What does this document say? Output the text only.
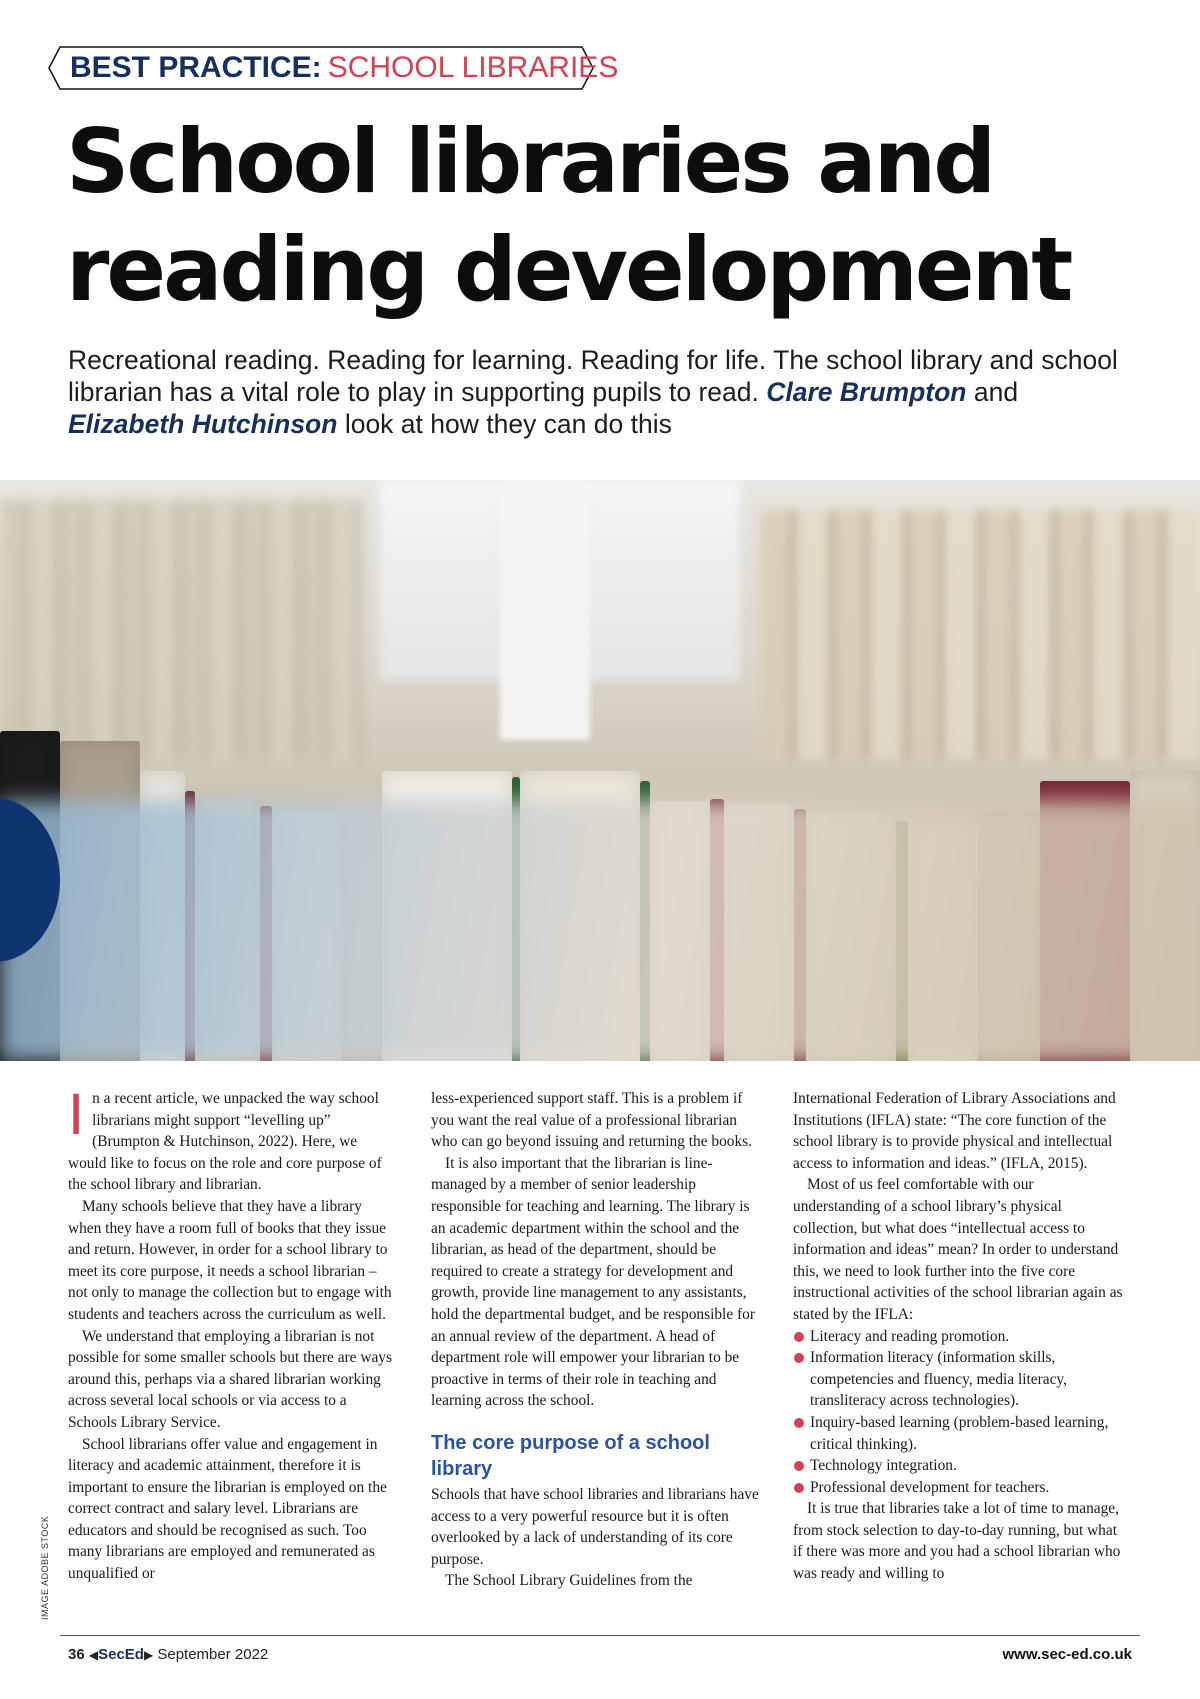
BEST PRACTICE: SCHOOL LIBRARIES
School libraries and
reading development

Recreational reading. Reading for learning. Reading for life. The school library and school librarian has a vital role to play in supporting pupils to read. Clare Brumpton and Elizabeth Hutchinson look at how they can do this

IMAGE ADOBE STOCK

In a recent article, we unpacked the way school librarians might support “levelling up” (Brumpton & Hutchinson, 2022). Here, we would like to focus on the role and core purpose of the school library and librarian.

Many schools believe that they have a library when they have a room full of books that they issue and return. However, in order for a school library to meet its core purpose, it needs a school librarian – not only to manage the collection but to engage with students and teachers across the curriculum as well.

We understand that employing a librarian is not possible for some smaller schools but there are ways around this, perhaps via a shared librarian working across several local schools or via access to a Schools Library Service.

School librarians offer value and engagement in literacy and academic attainment, therefore it is important to ensure the librarian is employed on the correct contract and salary level. Librarians are educators and should be recognised as such. Too many librarians are employed and remunerated as unqualified or

less-experienced support staff. This is a problem if you want the real value of a professional librarian who can go beyond issuing and returning the books.

It is also important that the librarian is line-managed by a member of senior leadership responsible for teaching and learning. The library is an academic department within the school and the librarian, as head of the department, should be required to create a strategy for development and growth, provide line management to any assistants, hold the departmental budget, and be responsible for an annual review of the department. A head of department role will empower your librarian to be proactive in terms of their role in teaching and learning across the school.

The core purpose of a school library

Schools that have school libraries and librarians have access to a very powerful resource but it is often overlooked by a lack of understanding of its core purpose.

The School Library Guidelines from the

International Federation of Library Associations and Institutions (IFLA) state: “The core function of the school library is to provide physical and intellectual access to information and ideas.” (IFLA, 2015).

Most of us feel comfortable with our understanding of a school library’s physical collection, but what does “intellectual access to information and ideas” mean? In order to understand this, we need to look further into the five core instructional activities of the school librarian again as stated by the IFLA:

Literacy and reading promotion.
Information literacy (information skills, competencies and fluency, media literacy, transliteracy across technologies).
Inquiry-based learning (problem-based learning, critical thinking).
Technology integration.
Professional development for teachers.

It is true that libraries take a lot of time to manage, from stock selection to day-to-day running, but what if there was more and you had a school librarian who was ready and willing to

36 ◀SecEd▶ September 2022	www.sec-ed.co.uk
